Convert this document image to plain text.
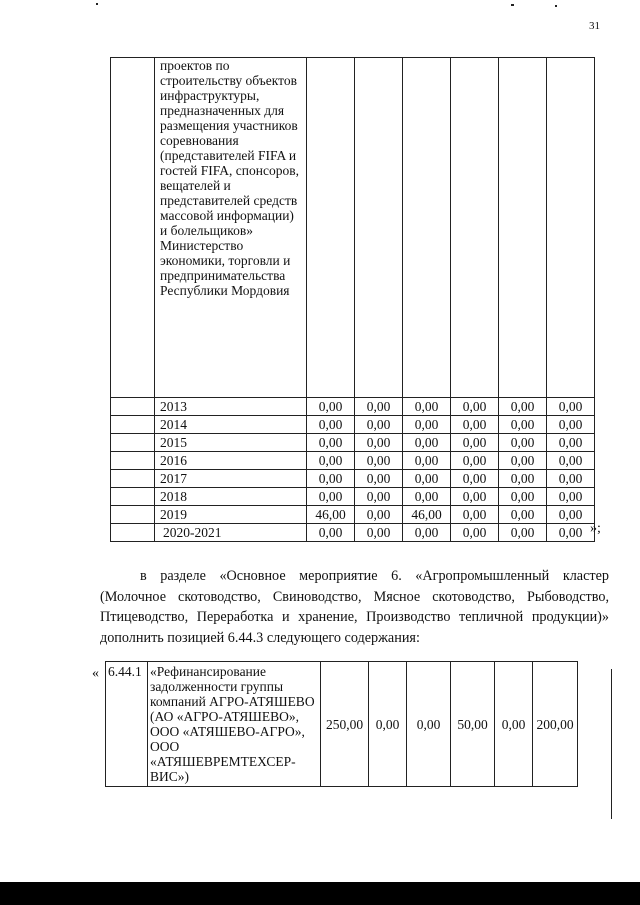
31
	проектов по строительству объектов инфраструктуры, предназначенных для размещения участников соревнования (представителей FIFA и гостей FIFA, спонсоров, вещателей и представителей средств массовой информации) и болельщиков» Министерство экономики, торговли и предпринимательства Республики Мордовия						
	2013	0,00	0,00	0,00	0,00	0,00	0,00
	2014	0,00	0,00	0,00	0,00	0,00	0,00
	2015	0,00	0,00	0,00	0,00	0,00	0,00
	2016	0,00	0,00	0,00	0,00	0,00	0,00
	2017	0,00	0,00	0,00	0,00	0,00	0,00
	2018	0,00	0,00	0,00	0,00	0,00	0,00
	2019	46,00	0,00	46,00	0,00	0,00	0,00
	2020-2021	0,00	0,00	0,00	0,00	0,00	0,00 »;

в разделе «Основное мероприятие 6. «Агропромышленный кластер (Молочное скотоводство, Свиноводство, Мясное скотоводство, Рыбоводство, Птицеводство, Переработка и хранение, Производство тепличной продукции)» дополнить позицией 6.44.3 следующего содержания:

« 6.44.1	«Рефинансирование задолженности группы компаний АГРО-АТЯШЕВО (АО «АГРО-АТЯШЕВО», ООО «АТЯШЕВО-АГРО», ООО «АТЯШЕВРЕМТЕХСЕР-ВИС»)	250,00	0,00	0,00	50,00	0,00	200,00
